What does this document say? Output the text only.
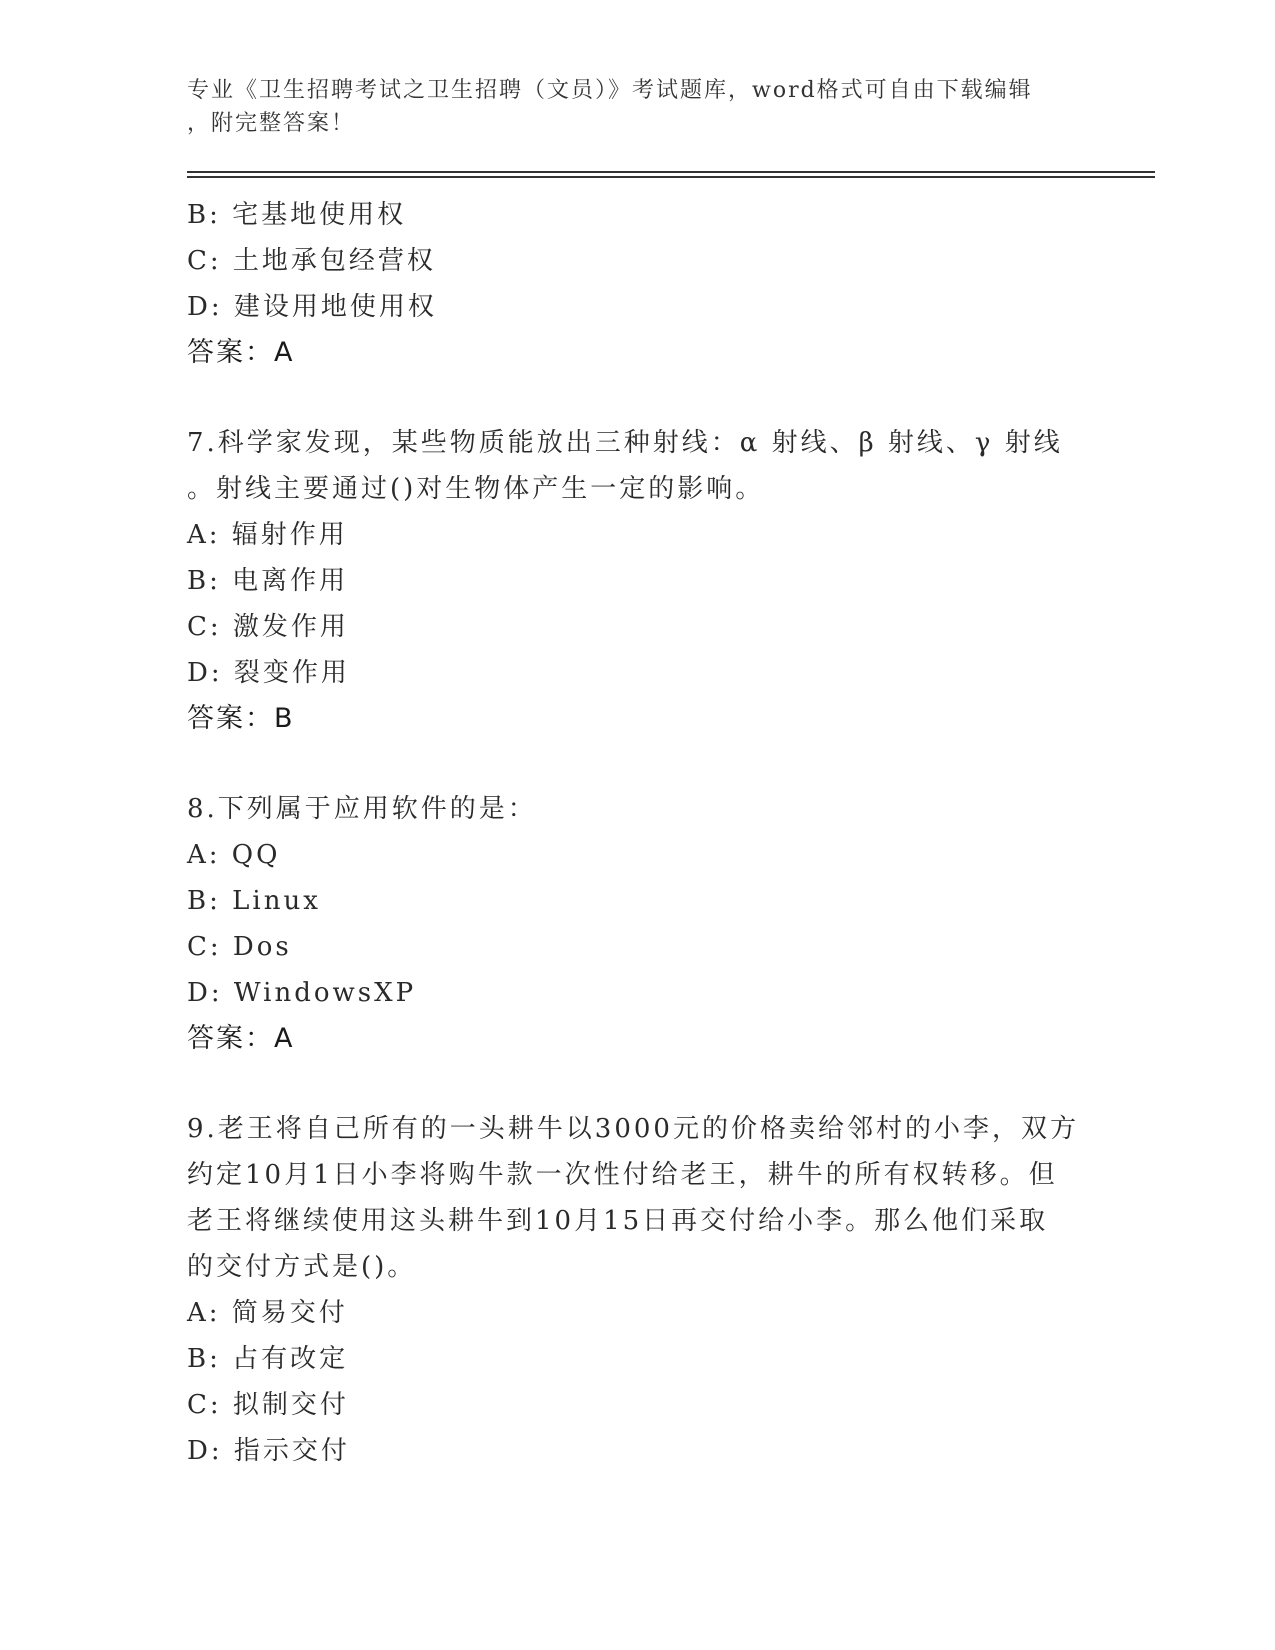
专业《卫生招聘考试之卫生招聘（文员）》考试题库，word格式可自由下载编辑
，附完整答案！
B: 宅基地使用权
C: 土地承包经营权
D: 建设用地使用权
答案：A
7.科学家发现，某些物质能放出三种射线：α 射线、β 射线、γ 射线
。射线主要通过()对生物体产生一定的影响。
A: 辐射作用
B: 电离作用
C: 激发作用
D: 裂变作用
答案：B
8.下列属于应用软件的是：
A: QQ
B: Linux
C: Dos
D: WindowsXP
答案：A
9.老王将自己所有的一头耕牛以3000元的价格卖给邻村的小李，双方
约定10月1日小李将购牛款一次性付给老王，耕牛的所有权转移。但
老王将继续使用这头耕牛到10月15日再交付给小李。那么他们采取
的交付方式是()。
A: 简易交付
B: 占有改定
C: 拟制交付
D: 指示交付
